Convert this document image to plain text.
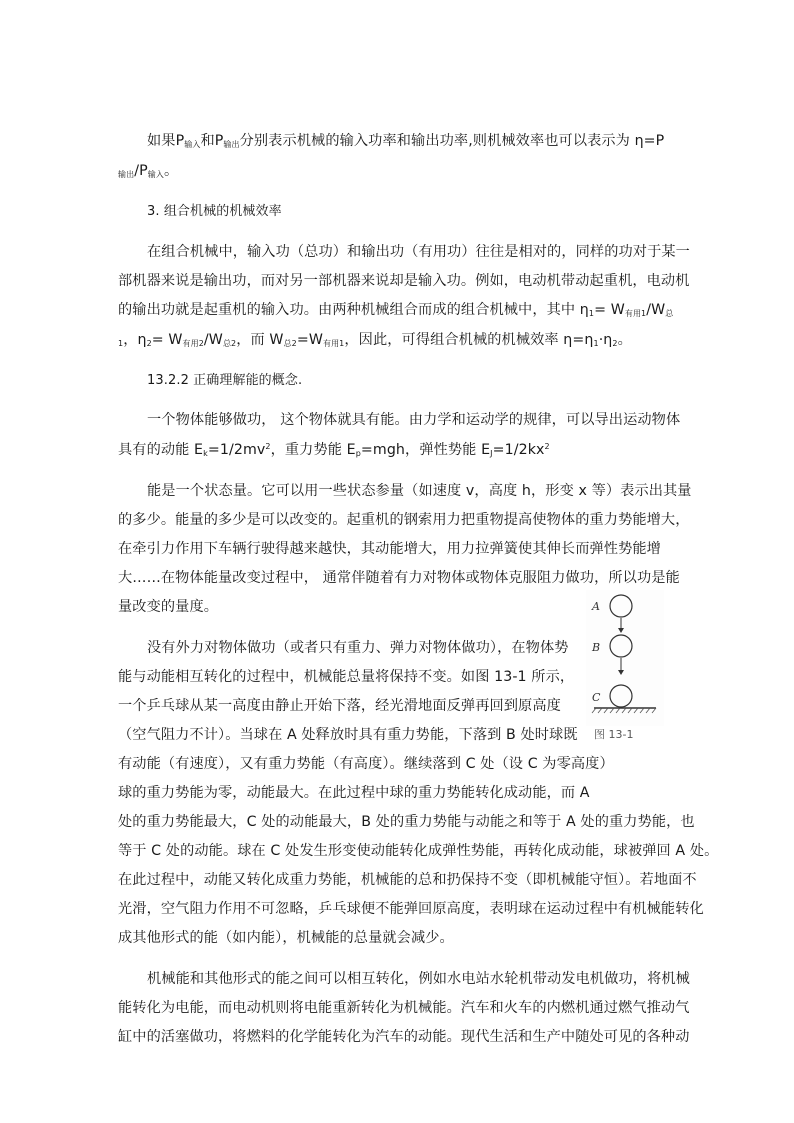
如果$P_{输入}$和$P_{输出}$分别表示机械的输入功率和输出功率,则机械效率也可以表示为 η=P
$_{输出}/P_{输入}$。
3. 组合机械的机械效率
在组合机械中，输入功（总功）和输出功（有用功）往往是相对的，同样的功对于某一
部机器来说是输出功，而对另一部机器来说却是输入功。例如，电动机带动起重机，电动机
的输出功就是起重机的输入功。由两种机械组合而成的组合机械中，其中 $\eta_1= W_{有用1}/W_总$
$_1$，$\eta_2= W_{有用2}/W_{总2}$，而 $W_{总2}=W_{有用1}$，因此，可得组合机械的机械效率 $\eta=\eta_1\cdot\eta_2$。
13.2.2 正确理解能的概念.
一个物体能够做功， 这个物体就具有能。由力学和运动学的规律，可以导出运动物体
具有的动能 $E_k=1/2mv^2$，重力势能 $E_p=mgh$，弹性势能 $E_J=1/2kx^2$
能是一个状态量。它可以用一些状态参量（如速度 v，高度 h，形变 x 等）表示出其量
的多少。能量的多少是可以改变的。起重机的钢索用力把重物提高使物体的重力势能增大，
在牵引力作用下车辆行驶得越来越快，其动能增大，用力拉弹簧使其伸长而弹性势能增
大……在物体能量改变过程中， 通常伴随着有力对物体或物体克服阻力做功，所以功是能
量改变的量度。
没有外力对物体做功（或者只有重力、弹力对物体做功），在物体势
能与动能相互转化的过程中，机械能总量将保持不变。如图 13-1 所示，
一个乒乓球从某一高度由静止开始下落，经光滑地面反弹再回到原高度
（空气阻力不计）。当球在 A 处释放时具有重力势能，下落到 B 处时球既
有动能（有速度），又有重力势能（有高度）。继续落到 C 处（设 C 为零高度）
球的重力势能为零，动能最大。在此过程中球的重力势能转化成动能，而 A
处的重力势能最大，C 处的动能最大，B 处的重力势能与动能之和等于 A 处的重力势能，也
等于 C 处的动能。球在 C 处发生形变使动能转化成弹性势能，再转化成动能，球被弹回 A 处。
在此过程中，动能又转化成重力势能，机械能的总和扔保持不变（即机械能守恒）。若地面不
光滑，空气阻力作用不可忽略，乒乓球便不能弹回原高度，表明球在运动过程中有机械能转化
成其他形式的能（如内能），机械能的总量就会减少。
机械能和其他形式的能之间可以相互转化，例如水电站水轮机带动发电机做功，将机械
能转化为电能，而电动机则将电能重新转化为机械能。汽车和火车的内燃机通过燃气推动气
缸中的活塞做功，将燃料的化学能转化为汽车的动能。现代生活和生产中随处可见的各种动
A
B
C
图 13-1
